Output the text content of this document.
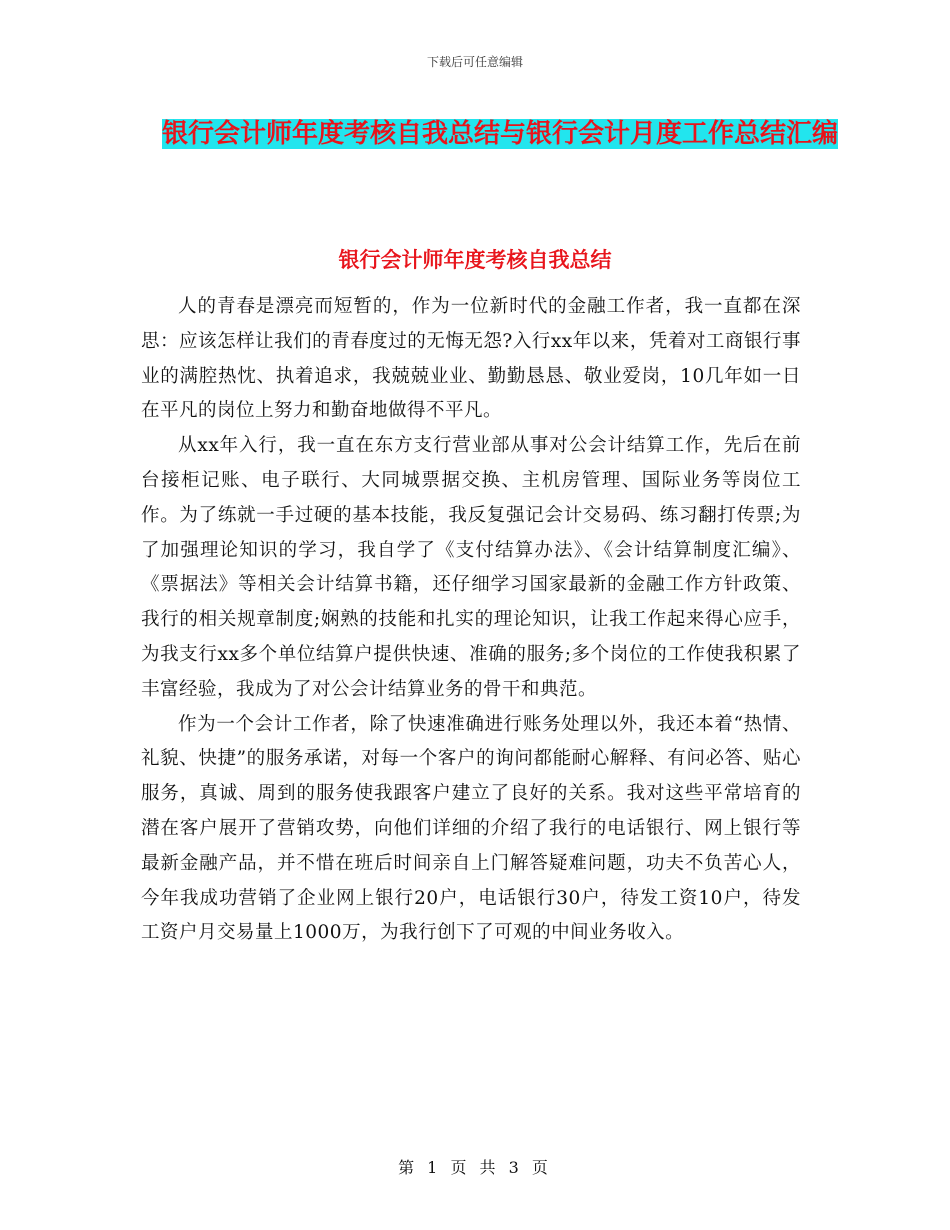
下载后可任意编辑
银行会计师年度考核自我总结与银行会计月度工作总结汇编
银行会计师年度考核自我总结

人的青春是漂亮而短暂的，作为一位新时代的金融工作者，我一直都在深思：应该怎样让我们的青春度过的无悔无怨?入行xx年以来，凭着对工商银行事业的满腔热忱、执着追求，我兢兢业业、勤勤恳恳、敬业爱岗，10几年如一日在平凡的岗位上努力和勤奋地做得不平凡。

从xx年入行，我一直在东方支行营业部从事对公会计结算工作，先后在前台接柜记账、电子联行、大同城票据交换、主机房管理、国际业务等岗位工作。为了练就一手过硬的基本技能，我反复强记会计交易码、练习翻打传票;为了加强理论知识的学习，我自学了《支付结算办法》、《会计结算制度汇编》、《票据法》等相关会计结算书籍，还仔细学习国家最新的金融工作方针政策、我行的相关规章制度;娴熟的技能和扎实的理论知识，让我工作起来得心应手，为我支行xx多个单位结算户提供快速、准确的服务;多个岗位的工作使我积累了丰富经验，我成为了对公会计结算业务的骨干和典范。

作为一个会计工作者，除了快速准确进行账务处理以外，我还本着“热情、礼貌、快捷”的服务承诺，对每一个客户的询问都能耐心解释、有问必答、贴心服务，真诚、周到的服务使我跟客户建立了良好的关系。我对这些平常培育的潜在客户展开了营销攻势，向他们详细的介绍了我行的电话银行、网上银行等最新金融产品，并不惜在班后时间亲自上门解答疑难问题，功夫不负苦心人，今年我成功营销了企业网上银行20户，电话银行30户，待发工资10户，待发工资户月交易量上1000万，为我行创下了可观的中间业务收入。

第 1 页 共 3 页
